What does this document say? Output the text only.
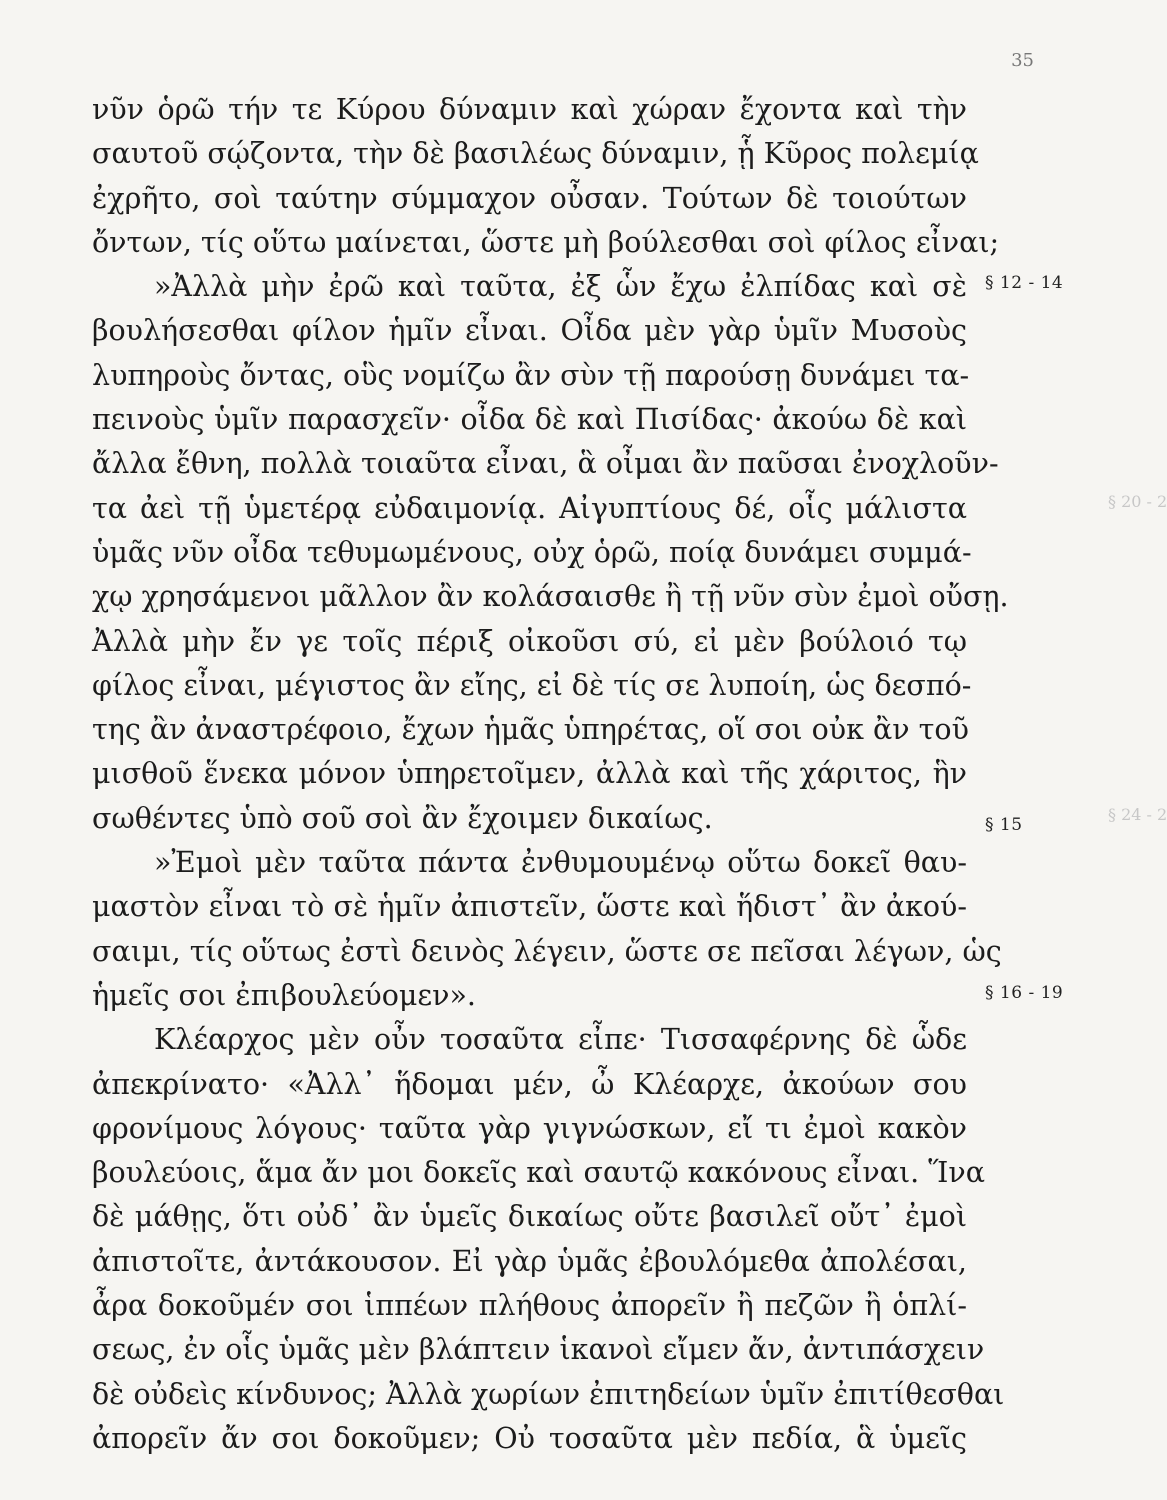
35
νῦν ὁρῶ τήν τε Κύρου δύναμιν καὶ χώραν ἔχοντα καὶ τὴν
σαυτοῦ σῴζοντα, τὴν δὲ βασιλέως δύναμιν, ᾗ Κῦρος πολεμίᾳ
ἐχρῆτο, σοὶ ταύτην σύμμαχον οὖσαν. Τούτων δὲ τοιούτων
ὄντων, τίς οὕτω μαίνεται, ὥστε μὴ βούλεσθαι σοὶ φίλος εἶναι;
»Ἀλλὰ μὴν ἐρῶ καὶ ταῦτα, ἐξ ὧν ἔχω ἐλπίδας καὶ σὲ
βουλήσεσθαι φίλον ἡμῖν εἶναι. Οἶδα μὲν γὰρ ὑμῖν Μυσοὺς
λυπηροὺς ὄντας, οὓς νομίζω ἂν σὺν τῇ παρούσῃ δυνάμει τα-
πεινοὺς ὑμῖν παρασχεῖν· οἶδα δὲ καὶ Πισίδας· ἀκούω δὲ καὶ
ἄλλα ἔθνη, πολλὰ τοιαῦτα εἶναι, ἃ οἶμαι ἂν παῦσαι ἐνοχλοῦν-
τα ἀεὶ τῇ ὑμετέρᾳ εὐδαιμονίᾳ. Αἰγυπτίους δέ, οἷς μάλιστα
ὑμᾶς νῦν οἶδα τεθυμωμένους, οὐχ ὁρῶ, ποίᾳ δυνάμει συμμά-
χῳ χρησάμενοι μᾶλλον ἂν κολάσαισθε ἢ τῇ νῦν σὺν ἐμοὶ οὔσῃ.
Ἀλλὰ μὴν ἔν γε τοῖς πέριξ οἰκοῦσι σύ, εἰ μὲν βούλοιό τῳ
φίλος εἶναι, μέγιστος ἂν εἴης, εἰ δὲ τίς σε λυποίη, ὡς δεσπό-
της ἂν ἀναστρέφοιο, ἔχων ἡμᾶς ὑπηρέτας, οἵ σοι οὐκ ἂν τοῦ
μισθοῦ ἕνεκα μόνον ὑπηρετοῖμεν, ἀλλὰ καὶ τῆς χάριτος, ἣν
σωθέντες ὑπὸ σοῦ σοὶ ἂν ἔχοιμεν δικαίως.
»Ἐμοὶ μὲν ταῦτα πάντα ἐνθυμουμένῳ οὕτω δοκεῖ θαυ-
μαστὸν εἶναι τὸ σὲ ἡμῖν ἀπιστεῖν, ὥστε καὶ ἥδιστ᾽ ἂν ἀκού-
σαιμι, τίς οὕτως ἐστὶ δεινὸς λέγειν, ὥστε σε πεῖσαι λέγων, ὡς
ἡμεῖς σοι ἐπιβουλεύομεν».
Κλέαρχος μὲν οὖν τοσαῦτα εἶπε· Τισσαφέρνης δὲ ὧδε
ἀπεκρίνατο· «Ἀλλ᾽ ἥδομαι μέν, ὦ Κλέαρχε, ἀκούων σου
φρονίμους λόγους· ταῦτα γὰρ γιγνώσκων, εἴ τι ἐμοὶ κακὸν
βουλεύοις, ἅμα ἄν μοι δοκεῖς καὶ σαυτῷ κακόνους εἶναι. Ἵνα
δὲ μάθῃς, ὅτι οὐδ᾽ ἂν ὑμεῖς δικαίως οὔτε βασιλεῖ οὔτ᾽ ἐμοὶ
ἀπιστοῖτε, ἀντάκουσον. Εἰ γὰρ ὑμᾶς ἐβουλόμεθα ἀπολέσαι,
ἆρα δοκοῦμέν σοι ἱππέων πλήθους ἀπορεῖν ἢ πεζῶν ἢ ὁπλί-
σεως, ἐν οἷς ὑμᾶς μὲν βλάπτειν ἱκανοὶ εἴμεν ἄν, ἀντιπάσχειν
δὲ οὐδεὶς κίνδυνος; Ἀλλὰ χωρίων ἐπιτηδείων ὑμῖν ἐπιτίθεσθαι
ἀπορεῖν ἄν σοι δοκοῦμεν; Οὐ τοσαῦτα μὲν πεδία, ἃ ὑμεῖς
§ 12 - 14
§ 15
§ 16 - 19
§ 20 - 2
§ 24 - 2
